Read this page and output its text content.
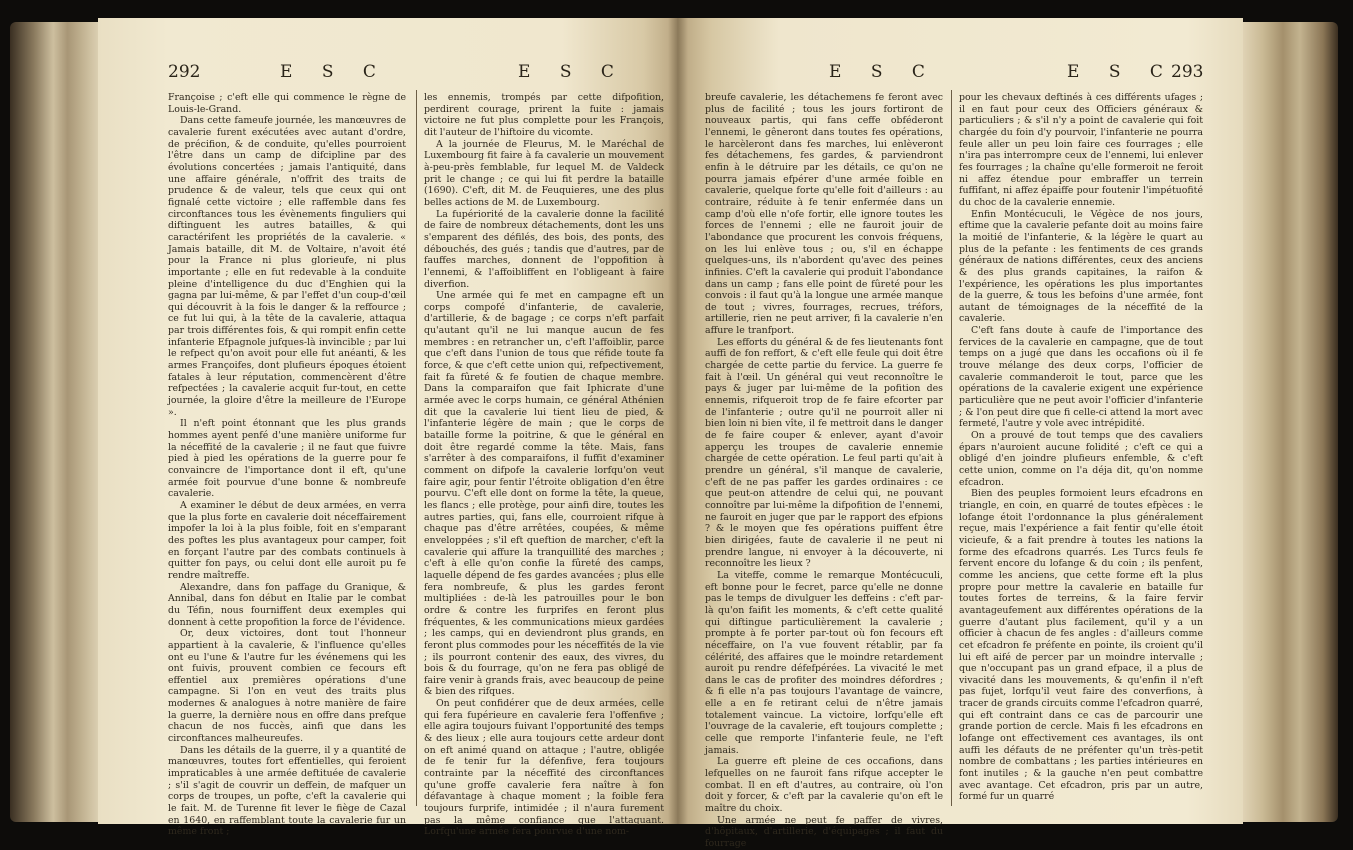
292	E S C	E S C

Françoise ; c'eft elle qui commence le règne de Louis-le-Grand.

Dans cette fameufe journée, les manœuvres de cavalerie furent exécutées avec autant d'ordre, de précifion, & de conduite, qu'elles pourroient l'être dans un camp de difcipline par des évolutions concertées ; jamais l'antiquité, dans une affaire générale, n'offrit des traits de prudence & de valeur, tels que ceux qui ont fignalé cette victoire ; elle raffemble dans fes circonftances tous les évènements finguliers qui diftinguent les autres batailles, & qui caractérifent les propriétés de la cavalerie. « Jamais bataille, dit M. de Voltaire, n'avoit été pour la France ni plus glorieufe, ni plus importante ; elle en fut redevable à la conduite pleine d'intelligence du duc d'Enghien qui la gagna par lui-même, & par l'effet d'un coup-d'œil qui découvrit à la fois le danger & la reffource ; ce fut lui qui, à la tête de la cavalerie, attaqua par trois différentes fois, & qui rompit enfin cette infanterie Efpagnole jufques-là invincible ; par lui le refpect qu'on avoit pour elle fut anéanti, & les armes Françoifes, dont plufieurs époques étoient fatales à leur réputation, commencèrent d'être refpectées ; la cavalerie acquit fur-tout, en cette journée, la gloire d'être la meilleure de l'Europe ».

Il n'eft point étonnant que les plus grands hommes ayent penfé d'une manière uniforme fur la néceffité de la cavalerie ; il ne faut que fuivre pied à pied les opérations de la guerre pour fe convaincre de l'importance dont il eft, qu'une armée foit pourvue d'une bonne & nombreufe cavalerie.

A examiner le début de deux armées, en verra que la plus forte en cavalerie doit néceffairement impofer la loi à la plus foible, foit en s'emparant des poftes les plus avantageux pour camper, foit en forçant l'autre par des combats continuels à quitter fon pays, ou celui dont elle auroit pu fe rendre maîtreffe.

Alexandre, dans fon paffage du Granique, & Annibal, dans fon début en Italie par le combat du Téfin, nous fourniffent deux exemples qui donnent à cette propofition la force de l'évidence.

Or, deux victoires, dont tout l'honneur appartient à la cavalerie, & l'influence qu'elles ont eu l'une & l'autre fur les événemens qui les ont fuivis, prouvent combien ce fecours eft effentiel aux premières opérations d'une campagne. Si l'on en veut des traits plus modernes & analogues à notre manière de faire la guerre, la dernière nous en offre dans prefque chacun de nos fuccès, ainfi que dans les circonftances malheureufes.

Dans les détails de la guerre, il y a quantité de manœuvres, toutes fort effentielles, qui feroient impraticables à une armée deftituée de cavalerie ; s'il s'agit de couvrir un deffein, de mafquer un corps de troupes, un pofte, c'eft la cavalerie qui le fait. M. de Turenne fit lever le fiège de Cazal en 1640, en raffemblant toute la cavalerie fur un même front ;

les ennemis, trompés par cette difpofition, perdirent courage, prirent la fuite : jamais victoire ne fut plus complette pour les François, dit l'auteur de l'hiftoire du vicomte.

A la journée de Fleurus, M. le Maréchal de Luxembourg fit faire à fa cavalerie un mouvement à-peu-près femblable, fur lequel M. de Valdeck prit le change ; ce qui lui fit perdre la bataille (1690). C'eft, dit M. de Feuquieres, une des plus belles actions de M. de Luxembourg.

La fupériorité de la cavalerie donne la facilité de faire de nombreux détachements, dont les uns s'emparent des défilés, des bois, des ponts, des débouchés, des gués ; tandis que d'autres, par de fauffes marches, donnent de l'oppofition à l'ennemi, & l'affoibliffent en l'obligeant à faire diverfion.

Une armée qui fe met en campagne eft un corps compofé d'infanterie, de cavalerie, d'artillerie, & de bagage ; ce corps n'eft parfait qu'autant qu'il ne lui manque aucun de fes membres : en retrancher un, c'eft l'affoiblir, parce que c'eft dans l'union de tous que réfide toute fa force, & que c'eft cette union qui, refpectivement, fait fa fûreté & fe foutien de chaque membre. Dans la comparaifon que fait Iphicrate d'une armée avec le corps humain, ce général Athénien dit que la cavalerie lui tient lieu de pied, & l'infanterie légère de main ; que le corps de bataille forme la poitrine, & que le général en doit être regardé comme la tête. Mais, fans s'arrêter à des comparaifons, il fuffit d'examiner comment on difpofe la cavalerie lorfqu'on veut faire agir, pour fentir l'étroite obligation d'en être pourvu. C'eft elle dont on forme la tête, la queue, les flancs ; elle protège, pour ainfi dire, toutes les autres parties, qui, fans elle, courroient rifque à chaque pas d'être arrêtées, coupées, & même enveloppées ; s'il eft queftion de marcher, c'eft la cavalerie qui affure la tranquillité des marches ; c'eft à elle qu'on confie la fûreté des camps, laquelle dépend de fes gardes avancées ; plus elle fera nombreufe, & plus les gardes feront multipliées : de-là les patrouilles pour le bon ordre & contre les furprifes en feront plus fréquentes, & les communications mieux gardées ; les camps, qui en deviendront plus grands, en feront plus commodes pour les néceffités de la vie ; ils pourront contenir des eaux, des vivres, du bois & du fourrage, qu'on ne fera pas obligé de faire venir à grands frais, avec beaucoup de peine & bien des rifques.

On peut confidérer que de deux armées, celle qui fera fupérieure en cavalerie fera l'offenfive ; elle agira toujours fuivant l'opportunité des temps & des lieux ; elle aura toujours cette ardeur dont on eft animé quand on attaque ; l'autre, obligée de fe tenir fur la défenfive, fera toujours contrainte par la néceffité des circonftances qu'une groffe cavalerie fera naître à fon défavantage à chaque moment ; la foible fera toujours furprife, intimidée ; il n'aura furement pas la même confiance que l'attaquant. Lorfqu'une armée fera pourvue d'une nom-

E S C	E S C
293

breufe cavalerie, les détachemens fe feront avec plus de facilité ; tous les jours fortiront de nouveaux partis, qui fans ceffe obféderont l'ennemi, le gêneront dans toutes fes opérations, le harcèleront dans fes marches, lui enlèveront fes détachemens, fes gardes, & parviendront enfin à le détruire par les détails, ce qu'on ne pourra jamais efpérer d'une armée foible en cavalerie, quelque forte qu'elle foit d'ailleurs : au contraire, réduite à fe tenir enfermée dans un camp d'où elle n'ofe fortir, elle ignore toutes les forces de l'ennemi ; elle ne fauroit jouir de l'abondance que procurent les convois fréquens, on les lui enlève tous ; ou, s'il en échappe quelques-uns, ils n'abordent qu'avec des peines infinies. C'eft la cavalerie qui produit l'abondance dans un camp ; fans elle point de fûreté pour les convois : il faut qu'à la longue une armée manque de tout ; vivres, fourrages, recrues, tréfors, artillerie, rien ne peut arriver, fi la cavalerie n'en affure le tranfport.

Les efforts du général & de fes lieutenants font auffi de fon reffort, & c'eft elle feule qui doit être chargée de cette partie du fervice. La guerre fe fait à l'œil. Un général qui veut reconnoître le pays & juger par lui-même de la pofition des ennemis, rifqueroit trop de fe faire efcorter par de l'infanterie ; outre qu'il ne pourroit aller ni bien loin ni bien vîte, il fe mettroit dans le danger de fe faire couper & enlever, ayant d'avoir apperçu les troupes de cavalerie ennemie chargée de cette opération. Le feul parti qu'ait à prendre un général, s'il manque de cavalerie, c'eft de ne pas paffer les gardes ordinaires : ce que peut-on attendre de celui qui, ne pouvant connoître par lui-même la difpofition de l'ennemi, ne fauroit en juger que par le rapport des efpions ? & le moyen que fes opérations puiffent être bien dirigées, faute de cavalerie il ne peut ni prendre langue, ni envoyer à la découverte, ni reconnoître les lieux ?

La viteffe, comme le remarque Montécuculi, eft bonne pour le fecret, parce qu'elle ne donne pas le temps de divulguer les deffeins : c'eft par-là qu'on faifit les moments, & c'eft cette qualité qui diftingue particulièrement la cavalerie ; prompte à fe porter par-tout où fon fecours eft néceffaire, on l'a vue fouvent rétablir, par fa célérité, des affaires que le moindre retardement auroit pu rendre défefpérées. La vivacité le met dans le cas de profiter des moindres défordres ; & fi elle n'a pas toujours l'avantage de vaincre, elle a en fe retirant celui de n'être jamais totalement vaincue. La victoire, lorfqu'elle eft l'ouvrage de la cavalerie, eft toujours complette ; celle que remporte l'infanterie feule, ne l'eft jamais.

La guerre eft pleine de ces occafions, dans lefquelles on ne fauroit fans rifque accepter le combat. Il en eft d'autres, au contraire, où l'on doit y forcer, & c'eft par la cavalerie qu'on eft le maître du choix.

Une armée ne peut fe paffer de vivres, d'hôpitaux, d'artillerie, d'équipages ; il faut du fourrage

pour les chevaux deftinés à ces différents ufages ; il en faut pour ceux des Officiers généraux & particuliers ; & s'il n'y a point de cavalerie qui foit chargée du foin d'y pourvoir, l'infanterie ne pourra feule aller un peu loin faire ces fourrages ; elle n'ira pas interrompre ceux de l'ennemi, lui enlever fes fourrages ; la chaîne qu'elle formeroit ne feroit ni affez étendue pour embraffer un terrein fuffifant, ni affez épaiffe pour foutenir l'impétuofité du choc de la cavalerie ennemie.

Enfin Montécuculi, le Végèce de nos jours, eftime que la cavalerie pefante doit au moins faire la moitié de l'infanterie, & la légère le quart au plus de la pefante : les fentiments de ces grands généraux de nations différentes, ceux des anciens & des plus grands capitaines, la raifon & l'expérience, les opérations les plus importantes de la guerre, & tous les befoins d'une armée, font autant de témoignages de la néceffité de la cavalerie.

C'eft fans doute à caufe de l'importance des fervices de la cavalerie en campagne, que de tout temps on a jugé que dans les occafions où il fe trouve mélange des deux corps, l'officier de cavalerie commanderoit le tout, parce que les opérations de la cavalerie exigent une expérience particulière que ne peut avoir l'officier d'infanterie ; & l'on peut dire que fi celle-ci attend la mort avec fermeté, l'autre y vole avec intrépidité.

On a prouvé de tout temps que des cavaliers épars n'auroient aucune folidité ; c'eft ce qui a obligé d'en joindre plufieurs enfemble, & c'eft cette union, comme on l'a déja dit, qu'on nomme efcadron.

Bien des peuples formoient leurs efcadrons en triangle, en coin, en quarré de toutes efpèces : le lofange étoit l'ordonnance la plus généralement reçue, mais l'expérience a fait fentir qu'elle étoit vicieufe, & a fait prendre à toutes les nations la forme des efcadrons quarrés. Les Turcs feuls fe fervent encore du lofange & du coin ; ils penfent, comme les anciens, que cette forme eft la plus propre pour mettre la cavalerie en bataille fur toutes fortes de terreins, & la faire fervir avantageufement aux différentes opérations de la guerre d'autant plus facilement, qu'il y a un officier à chacun de fes angles : d'ailleurs comme cet efcadron fe préfente en pointe, ils croient qu'il lui eft aifé de percer par un moindre intervalle ; que n'occupant pas un grand efpace, il a plus de vivacité dans les mouvements, & qu'enfin il n'eft pas fujet, lorfqu'il veut faire des converfions, à tracer de grands circuits comme l'efcadron quarré, qui eft contraint dans ce cas de parcourir une grande portion de cercle. Mais fi les efcadrons en lofange ont effectivement ces avantages, ils ont auffi les défauts de ne préfenter qu'un très-petit nombre de combattans ; les parties intérieures en font inutiles ; & la gauche n'en peut combattre avec avantage. Cet efcadron, pris par un autre, formé fur un quarré
